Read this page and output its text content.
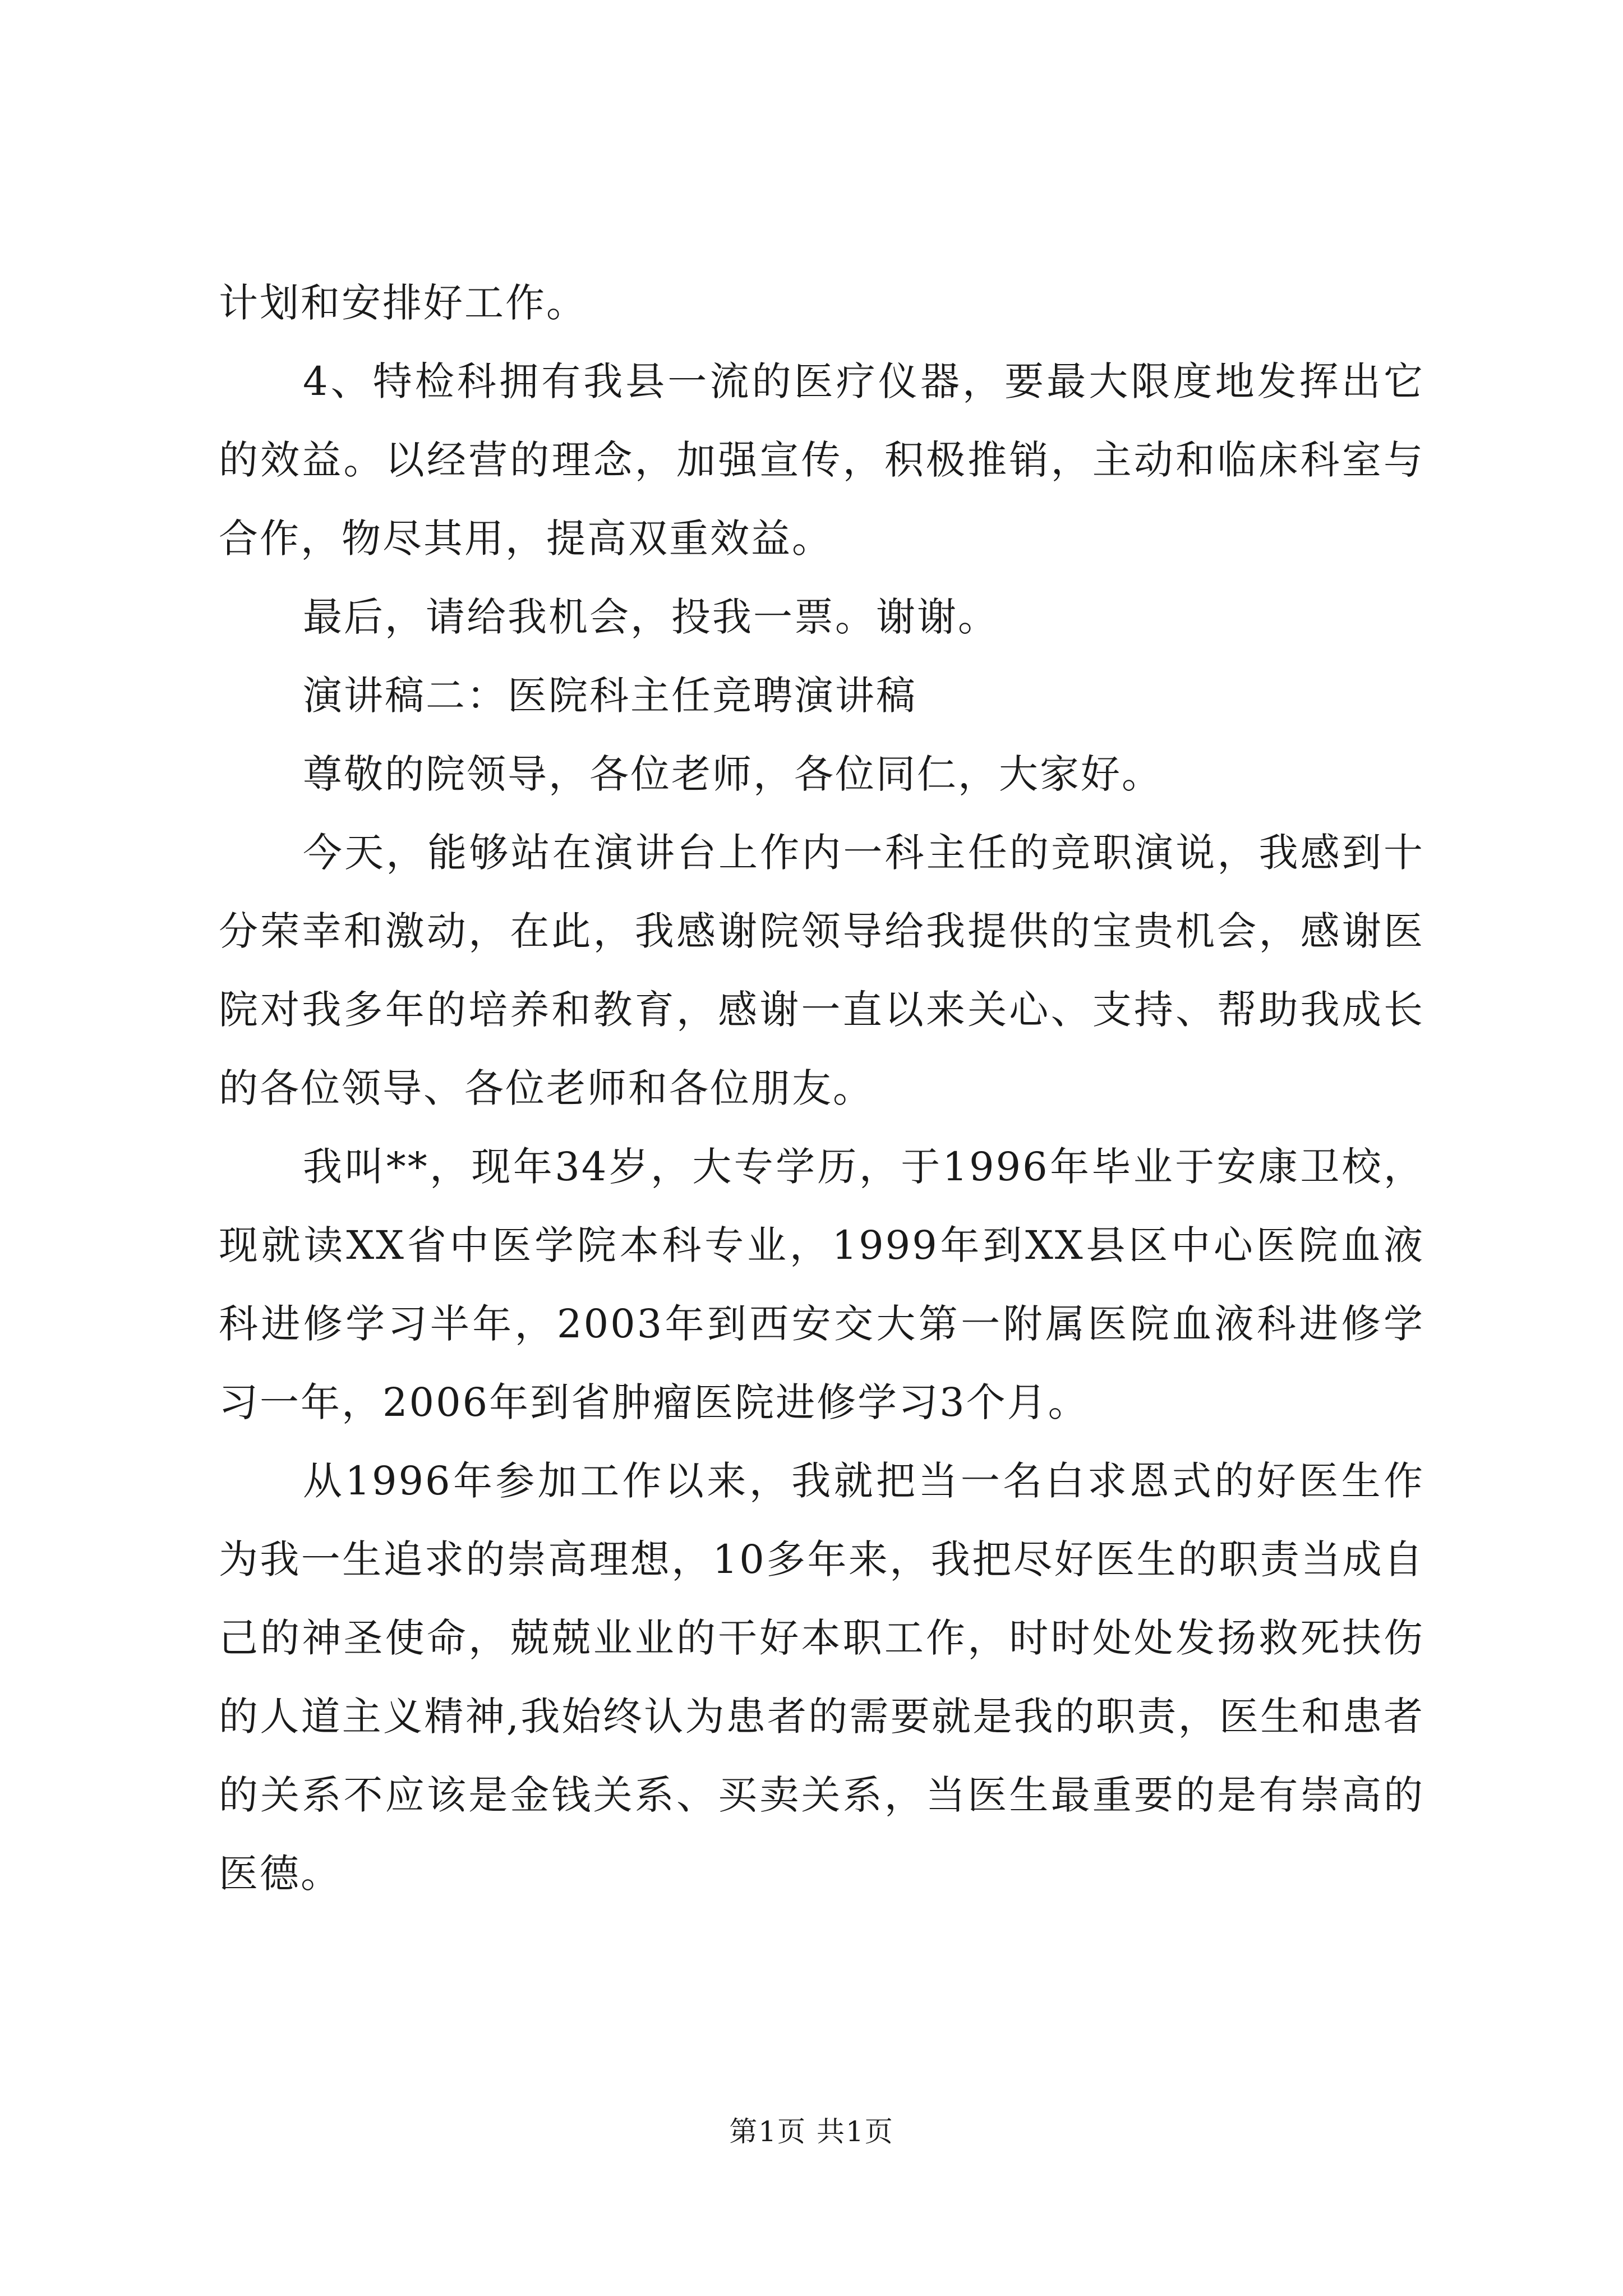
计划和安排好工作。

4、特检科拥有我县一流的医疗仪器，要最大限度地发挥出它的效益。以经营的理念，加强宣传，积极推销，主动和临床科室与合作，物尽其用，提高双重效益。

最后，请给我机会，投我一票。谢谢。

演讲稿二：医院科主任竞聘演讲稿

尊敬的院领导，各位老师，各位同仁，大家好。

今天，能够站在演讲台上作内一科主任的竞职演说，我感到十分荣幸和激动，在此，我感谢院领导给我提供的宝贵机会，感谢医院对我多年的培养和教育，感谢一直以来关心、支持、帮助我成长的各位领导、各位老师和各位朋友。

我叫**，现年34岁，大专学历，于1996年毕业于安康卫校，现就读XX省中医学院本科专业，1999年到XX县区中心医院血液科进修学习半年，2003年到西安交大第一附属医院血液科进修学习一年，2006年到省肿瘤医院进修学习3个月。

从1996年参加工作以来，我就把当一名白求恩式的好医生作为我一生追求的崇高理想，10多年来，我把尽好医生的职责当成自己的神圣使命，兢兢业业的干好本职工作，时时处处发扬救死扶伤的人道主义精神,我始终认为患者的需要就是我的职责，医生和患者的关系不应该是金钱关系、买卖关系，当医生最重要的是有崇高的医德。

第1页 共1页
